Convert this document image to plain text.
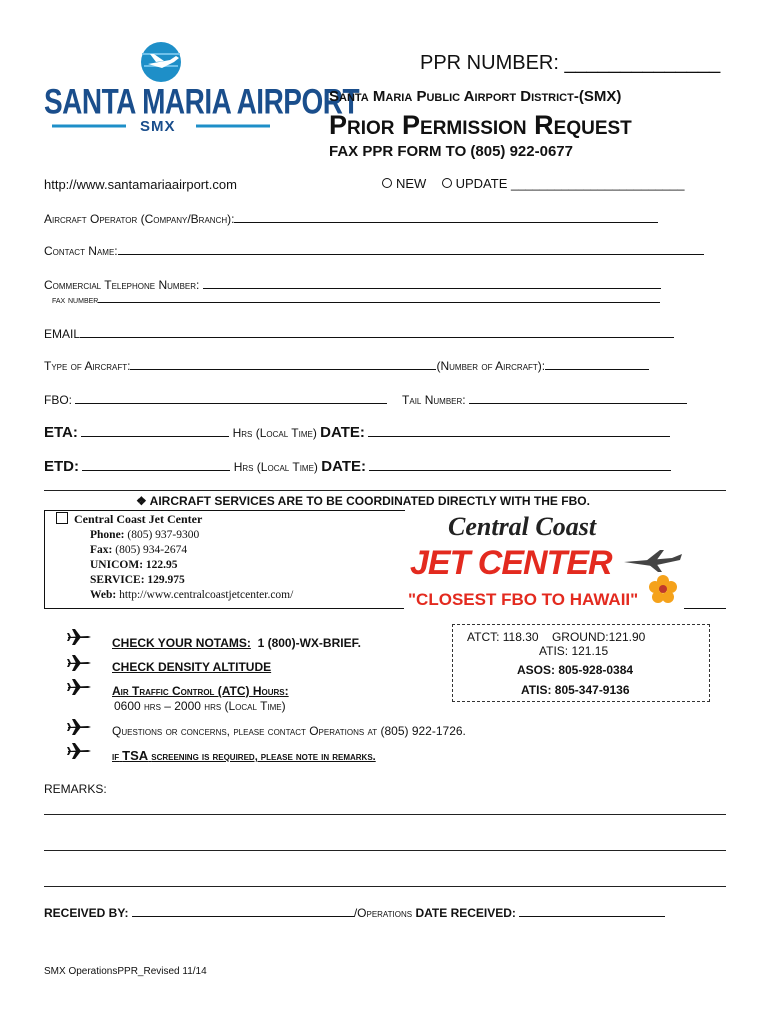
SANTA MARIA AIRPORT
SMX
PPR NUMBER: ______________
Santa Maria Public Airport District-(SMX)
Prior Permission Request
FAX PPR FORM TO (805) 922-0677
http://www.santamariaairport.com	NEW UPDATE ________________________
Aircraft Operator (Company/Branch):
Contact Name:
Commercial Telephone Number:
fax number
EMAIL
Type of Aircraft:	(Number of Aircraft):
FBO:	Tail Number:
ETA:	Hrs (Local Time) DATE:
ETD:	Hrs (Local Time) DATE:
❖ AIRCRAFT SERVICES ARE TO BE COORDINATED DIRECTLY WITH THE FBO.
Central Coast Jet Center
Phone: (805) 937-9300
Fax: (805) 934-2674
UNICOM: 122.95
SERVICE: 129.975
Web: http://www.centralcoastjetcenter.com/
Central Coast
JET CENTER
"CLOSEST FBO TO HAWAII"
CHECK YOUR NOTAMS: 1 (800)-WX-BRIEF.
CHECK DENSITY ALTITUDE
Air Traffic Control (ATC) Hours:
0600 hrs – 2000 hrs (Local Time)
Questions or concerns, please contact Operations at (805) 922-1726.
if TSA screening is required, please note in remarks.
ATCT: 118.30 GROUND:121.90
ATIS: 121.15
ASOS: 805-928-0384
ATIS: 805-347-9136
REMARKS:
RECEIVED BY:	/Operations DATE RECEIVED:
SMX OperationsPPR_Revised 11/14
